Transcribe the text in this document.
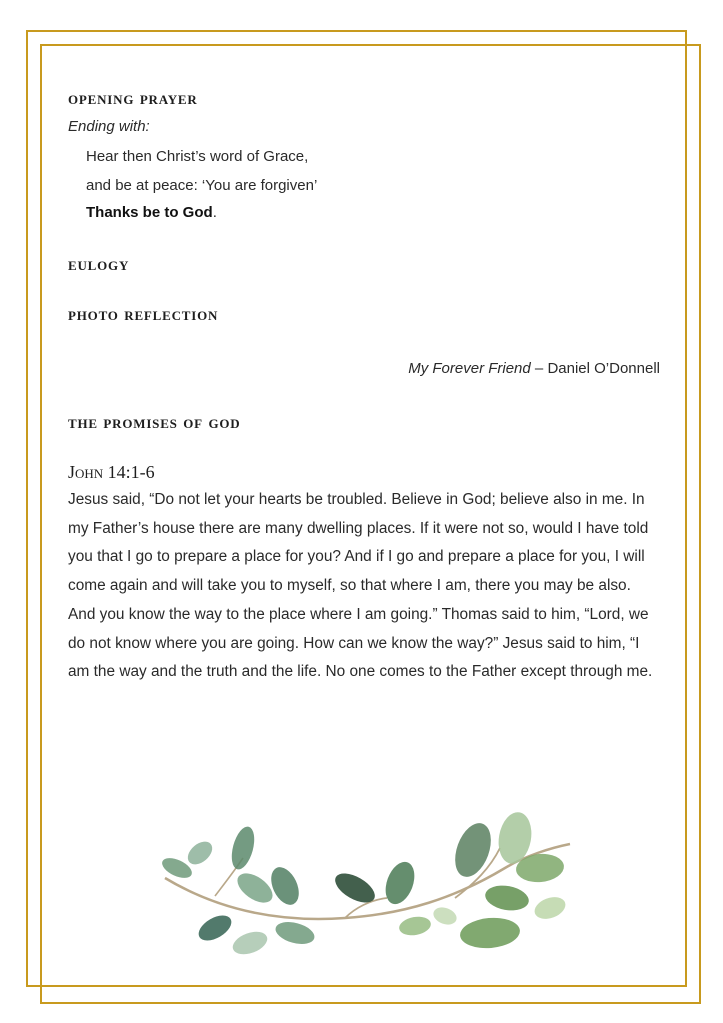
opening prayer
Ending with:
Hear then Christ’s word of Grace,
and be at peace: ‘You are forgiven’
Thanks be to God.
eulogy
photo reflection
My Forever Friend – Daniel O’Donnell
the promises of god
John 14:1-6
Jesus said, “Do not let your hearts be troubled. Believe in God; believe also in me. In my Father’s house there are many dwelling places. If it were not so, would I have told you that I go to prepare a place for you? And if I go and prepare a place for you, I will come again and will take you to myself, so that where I am, there you may be also. And you know the way to the place where I am going.” Thomas said to him, “Lord, we do not know where you are going. How can we know the way?” Jesus said to him, “I am the way and the truth and the life. No one comes to the Father except through me.
